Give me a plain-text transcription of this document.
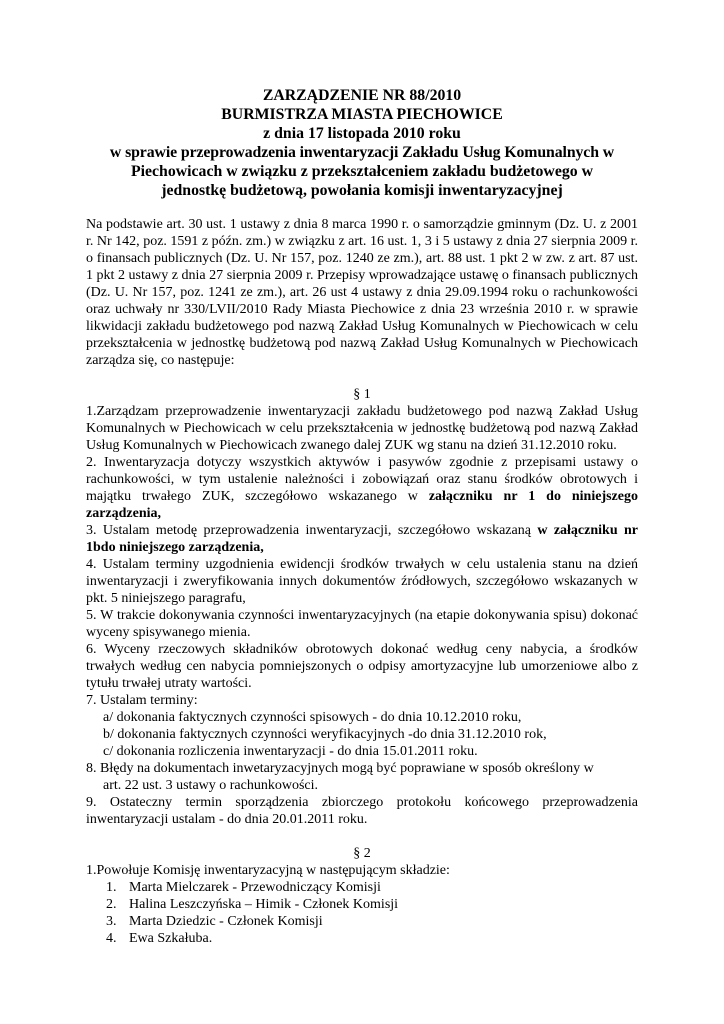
ZARZĄDZENIE NR 88/2010
BURMISTRZA MIASTA PIECHOWICE
z dnia 17 listopada 2010 roku
w sprawie przeprowadzenia inwentaryzacji Zakładu Usług Komunalnych w
Piechowicach w związku z przekształceniem zakładu budżetowego w
jednostkę budżetową, powołania komisji inwentaryzacyjnej
Na podstawie art. 30 ust. 1 ustawy z dnia 8 marca 1990 r. o samorządzie gminnym (Dz. U. z 2001 r. Nr 142, poz. 1591 z późn. zm.) w związku z art. 16 ust. 1, 3 i 5 ustawy z dnia 27 sierpnia 2009 r. o finansach publicznych (Dz. U. Nr 157, poz. 1240 ze zm.), art. 88 ust. 1 pkt 2 w zw. z art. 87 ust. 1 pkt 2 ustawy z dnia 27 sierpnia 2009 r. Przepisy wprowadzające ustawę o finansach publicznych (Dz. U. Nr 157, poz. 1241 ze zm.), art. 26 ust 4 ustawy z dnia 29.09.1994 roku o rachunkowości oraz uchwały nr 330/LVII/2010 Rady Miasta Piechowice z dnia 23 września 2010 r. w sprawie likwidacji zakładu budżetowego pod nazwą Zakład Usług Komunalnych w Piechowicach w celu przekształcenia w jednostkę budżetową pod nazwą Zakład Usług Komunalnych w Piechowicach zarządza się, co następuje:
§ 1
1.Zarządzam przeprowadzenie inwentaryzacji zakładu budżetowego pod nazwą Zakład Usług Komunalnych w Piechowicach w celu przekształcenia w jednostkę budżetową pod nazwą Zakład Usług Komunalnych w Piechowicach zwanego dalej ZUK wg stanu na dzień 31.12.2010 roku.
2. Inwentaryzacja dotyczy wszystkich aktywów i pasywów zgodnie z przepisami ustawy o rachunkowości, w tym ustalenie należności i zobowiązań oraz stanu środków obrotowych i majątku trwałego ZUK, szczegółowo wskazanego w załączniku nr 1 do niniejszego zarządzenia,
3. Ustalam metodę przeprowadzenia inwentaryzacji, szczegółowo wskazaną w załączniku nr 1bdo niniejszego zarządzenia,
4. Ustalam terminy uzgodnienia ewidencji środków trwałych w celu ustalenia stanu na dzień inwentaryzacji i zweryfikowania innych dokumentów źródłowych, szczegółowo wskazanych w pkt. 5 niniejszego paragrafu,
5. W trakcie dokonywania czynności inwentaryzacyjnych (na etapie dokonywania spisu) dokonać wyceny spisywanego mienia.
6. Wyceny rzeczowych składników obrotowych dokonać według ceny nabycia, a środków trwałych według cen nabycia pomniejszonych o odpisy amortyzacyjne lub umorzeniowe albo z tytułu trwałej utraty wartości.
7. Ustalam terminy:
a/ dokonania faktycznych czynności spisowych - do dnia 10.12.2010 roku,
b/ dokonania faktycznych czynności weryfikacyjnych -do dnia 31.12.2010 rok,
c/ dokonania rozliczenia inwentaryzacji - do dnia 15.01.2011 roku.
8. Błędy na dokumentach inwetaryzacyjnych mogą być poprawiane w sposób określony w
art. 22 ust. 3 ustawy o rachunkowości.
9. Ostateczny termin sporządzenia zbiorczego protokołu końcowego przeprowadzenia inwentaryzacji ustalam - do dnia 20.01.2011 roku.
§ 2
1.Powołuje Komisję inwentaryzacyjną w następującym składzie:
1. Marta Mielczarek - Przewodniczący Komisji
2. Halina Leszczyńska – Himik - Członek Komisji
3. Marta Dziedzic - Członek Komisji
4. Ewa Szkałuba.
